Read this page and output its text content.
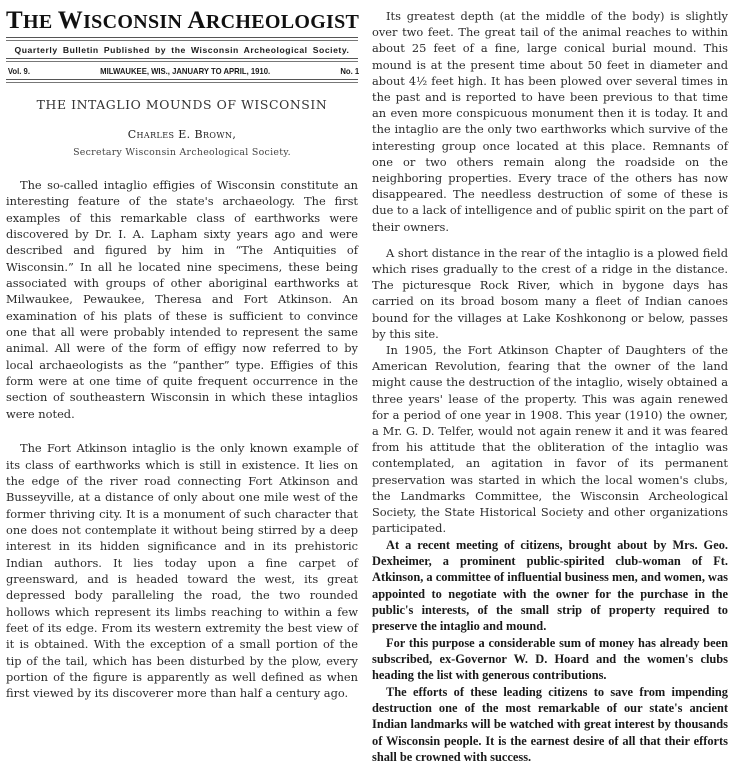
THE WISCONSIN ARCHEOLOGIST
Quarterly Bulletin Published by the Wisconsin Archeological Society.
Vol. 9.	MILWAUKEE, WIS., JANUARY TO APRIL, 1910.	No. 1
THE INTAGLIO MOUNDS OF WISCONSIN
Charles E. Brown,
Secretary Wisconsin Archeological Society.

The so-called intaglio effigies of Wisconsin constitute an interesting feature of the state's archaeology. The first examples of this remarkable class of earthworks were discovered by Dr. I. A. Lapham sixty years ago and were described and figured by him in “The Antiquities of Wisconsin.” In all he located nine specimens, these being associated with groups of other aboriginal earthworks at Milwaukee, Pewaukee, Theresa and Fort Atkinson. An examination of his plats of these is sufficient to convince one that all were probably intended to represent the same animal. All were of the form of effigy now referred to by local archaeologists as the “panther” type. Effigies of this form were at one time of quite frequent occurrence in the section of southeastern Wisconsin in which these intaglios were noted.

The Fort Atkinson intaglio is the only known example of its class of earthworks which is still in existence. It lies on the edge of the river road connecting Fort Atkinson and Busseyville, at a distance of only about one mile west of the former thriving city. It is a monument of such character that one does not contemplate it without being stirred by a deep interest in its hidden significance and in its prehistoric Indian authors. It lies today upon a fine carpet of greensward, and is headed toward the west, its great depressed body paralleling the road, the two rounded hollows which represent its limbs reaching to within a few feet of its edge. From its western extremity the best view of it is obtained. With the exception of a small portion of the tip of the tail, which has been disturbed by the plow, every portion of the figure is apparently as well defined as when first viewed by its discoverer more than half a century ago.

Its greatest depth (at the middle of the body) is slightly over two feet. The great tail of the animal reaches to within about 25 feet of a fine, large conical burial mound. This mound is at the present time about 50 feet in diameter and about 4½ feet high. It has been plowed over several times in the past and is reported to have been previous to that time an even more conspicuous monument then it is today. It and the intaglio are the only two earthworks which survive of the interesting group once located at this place. Remnants of one or two others remain along the roadside on the neighboring properties. Every trace of the others has now disappeared. The needless destruction of some of these is due to a lack of intelligence and of public spirit on the part of their owners.

A short distance in the rear of the intaglio is a plowed field which rises gradually to the crest of a ridge in the distance. The picturesque Rock River, which in bygone days has carried on its broad bosom many a fleet of Indian canoes bound for the villages at Lake Koshkonong or below, passes by this site.

In 1905, the Fort Atkinson Chapter of Daughters of the American Revolution, fearing that the owner of the land might cause the destruction of the intaglio, wisely obtained a three years' lease of the property. This was again renewed for a period of one year in 1908. This year (1910) the owner, a Mr. G. D. Telfer, would not again renew it and it was feared from his attitude that the obliteration of the intaglio was contemplated, an agitation in favor of its permanent preservation was started in which the local women's clubs, the Landmarks Committee, the Wisconsin Archeological Society, the State Historical Society and other organizations participated.

At a recent meeting of citizens, brought about by Mrs. Geo. Dexheimer, a prominent public-spirited club-woman of Ft. Atkinson, a committee of influential business men, and women, was appointed to negotiate with the owner for the purchase in the public's interests, of the small strip of property required to preserve the intaglio and mound.

For this purpose a considerable sum of money has already been subscribed, ex-Governor W. D. Hoard and the women's clubs heading the list with generous contributions.

The efforts of these leading citizens to save from impending destruction one of the most remarkable of our state's ancient Indian landmarks will be watched with great interest by thousands of Wisconsin people. It is the earnest desire of all that their efforts shall be crowned with success.
